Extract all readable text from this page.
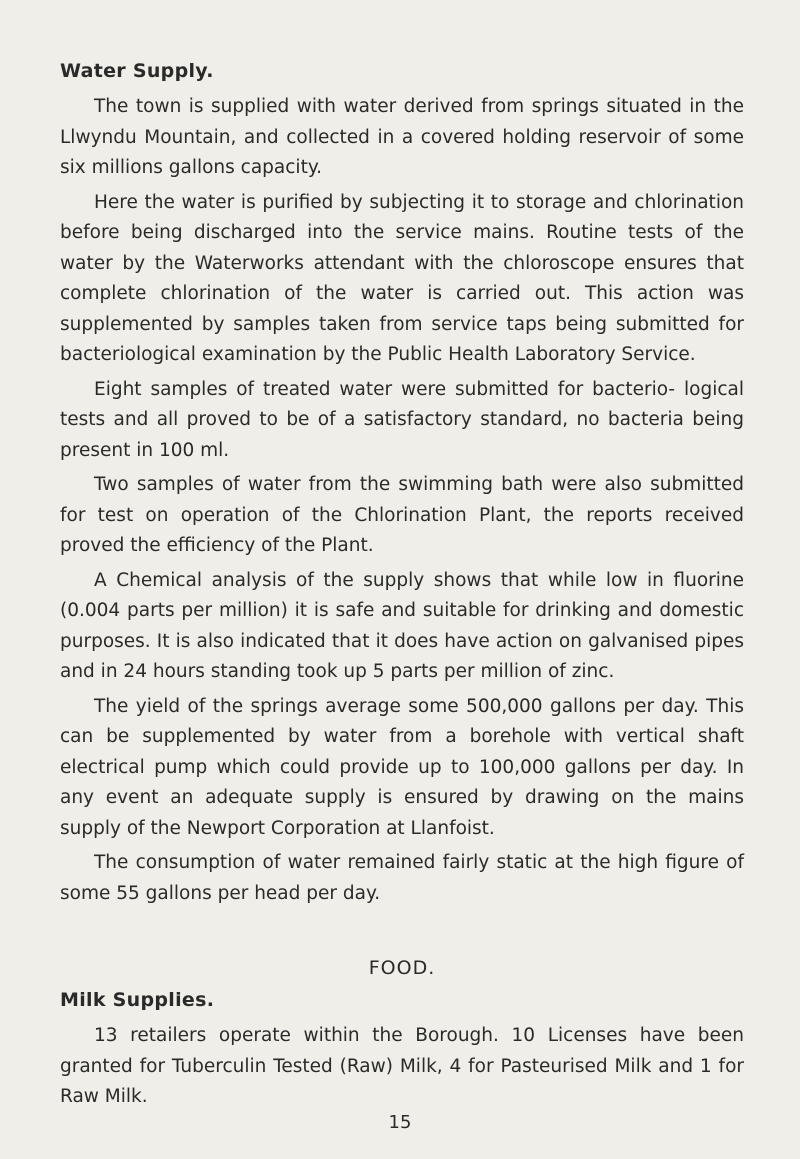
Water Supply.

The town is supplied with water derived from springs situated in the Llwyndu Mountain, and collected in a covered holding reservoir of some six millions gallons capacity.

Here the water is purified by subjecting it to storage and chlorination before being discharged into the service mains. Routine tests of the water by the Waterworks attendant with the chloroscope ensures that complete chlorination of the water is carried out. This action was supplemented by samples taken from service taps being submitted for bacteriological examination by the Public Health Laboratory Service.

Eight samples of treated water were submitted for bacterio- logical tests and all proved to be of a satisfactory standard, no bacteria being present in 100 ml.

Two samples of water from the swimming bath were also submitted for test on operation of the Chlorination Plant, the reports received proved the efficiency of the Plant.

A Chemical analysis of the supply shows that while low in fluorine (0.004 parts per million) it is safe and suitable for drinking and domestic purposes. It is also indicated that it does have action on galvanised pipes and in 24 hours standing took up 5 parts per million of zinc.

The yield of the springs average some 500,000 gallons per day. This can be supplemented by water from a borehole with vertical shaft electrical pump which could provide up to 100,000 gallons per day. In any event an adequate supply is ensured by drawing on the mains supply of the Newport Corporation at Llanfoist.

The consumption of water remained fairly static at the high figure of some 55 gallons per head per day.

FOOD.
Milk Supplies.

13 retailers operate within the Borough. 10 Licenses have been granted for Tuberculin Tested (Raw) Milk, 4 for Pasteurised Milk and 1 for Raw Milk.

15
